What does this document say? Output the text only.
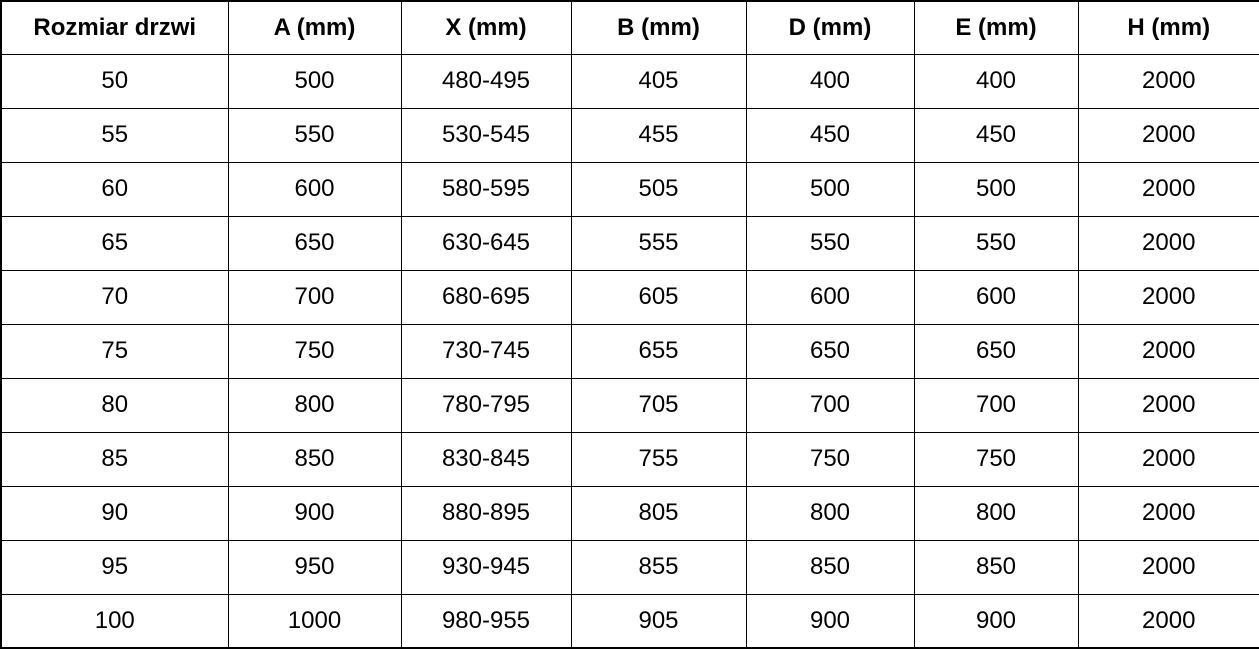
Rozmiar drzwi	A (mm)	X (mm)	B (mm)	D (mm)	E (mm)	H (mm)
50	500	480-495	405	400	400	2000
55	550	530-545	455	450	450	2000
60	600	580-595	505	500	500	2000
65	650	630-645	555	550	550	2000
70	700	680-695	605	600	600	2000
75	750	730-745	655	650	650	2000
80	800	780-795	705	700	700	2000
85	850	830-845	755	750	750	2000
90	900	880-895	805	800	800	2000
95	950	930-945	855	850	850	2000
100	1000	980-955	905	900	900	2000
